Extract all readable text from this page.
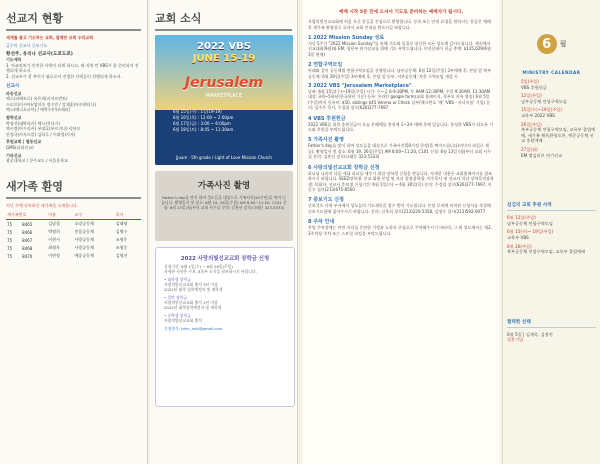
선교지 현황
세계를 품고 기도하는 교회, 열매란 교회 우리교회
금주의 선교사 중보기도
황선주, 유리나 선교사(도쿄도쿄)
기도제목
1. 아쿄치처가 안전한 사역이 되게 하시고, 새 지역 만 VBS가 잘 준비되어 진행되게 하소서.
2. 선교부가 잘 추이가 됨으로서 진정한 사역들이 진행되게 하소서.
선교사
파송선교
엑스(피에트로) 유은희(카자르반트)
스티브(러시아)/임미숙 정수민 / 강재훈(아르헨티나)
엑스(에디오피아) / 예락우(마르레피)
협력선교
박영선(대박리카) 엑시선(터키)
엑시정(아프리카) 부대호(부르키나) 리단모
안정국(카자르칼) 김하루 / 이뢰정(카자)
후원교회 | 협동선교
GMS(파리선교)
기타선교
광운대학교 / 큐주교도 / 서울운학교
새가족 환영
지난 주에 등록하신 새가족을 소개합니다.
새가족번호		이름	교구	목사
75	8465	김남철	소망공동체	김태영
75	8466	박영희	믿음공동체	김병수
75	8467	이현시	사랑공동체	조영웅
75	8468	최영자	사랑공동체	조영웅
75	8470	이연정	예종공동체	김영진
교회 소식
2022 VBS
JUNE 15-19
Jerusalem
MARKETPLACE
6월 15일(수) : 1일(19-19)
6월 16일(목) : 12:00 ~ 2:00pm
6월 17일(금) : 3:00 ~ 6:00pm
6월 18일(토) : 8:45 ~ 11:30am
Jjuam · 5th grade / Light of Love Mission Church
가족사진 촬영
Father's day를 맞이 하여 성도들을 대상으로 가족사진(50주년)을 찍어 나눕니다. 촬영일자 및 장소: 6월 19, 26일(주일) AM 8:00~11:20, C101 신청: 6월 13일(월)부터 교회 사무실 문의: 김흥선 장로(나래문 323-5333)
2022 사랑의빛선교교회 장학금 신청
신청기간: 6월 1일(수) ~ 6월 26일(주일)
자세한 사항은 주보 교육부 소식을 참조하시기 바랍니다.
• 대학생 장학금
사랑의빛선교교회 출석 3년 이상
2022년 대학 입학예정자 및 재학생
• 일반 장학금
사랑의빛선교교회 출석 1년 이상
2022년 대학입학예정자 및 재학생
• 중학생 장학금
사랑의빛선교교회 출석
신청방식: lotm_info@gmail.com
예배 시작 5분 전에 오셔서 기도로 준비하는 예배자가 됩시다.
사랑의빛선교교회에 처음 오신 분들을 진심으로 환영합니다. 등록 또는 안내 요청을 원하시는 분들은 예배 후 새가족 환영실로 오셔서 교회 안내를 받으시길 바랍니다.
1 2022 Mission Sunday 성료
지난 5주간 "2022 Mission Sunday"를 통해 기도와 물질로 헌신한 모든 성도께 감사드립니다. 계속해서 선교대회(9월)와 EM, 청년부 단기선교를 위해 기도 부탁드립니다. 미션선데이 헌금 총액: $125,629(6월 3일 현재)
2 연합구역모임
아래와 같이 공동체별 연합구역모임을 진행합니다. 남부공동체: 6월 12일(주일) 3부예배 후, 본당 앞 북부공동체: 6월 26일(주일) 3부예배 후, 본당 앞 동부, 서부공동체: 차후 구역모임 개강 시
3 2022 VBS "Jerusalem Marketplace"
날짜: 6월 15일(수)~19일(주일) 시간: 수~금 6-9:30PM, 토 9AM-12:30PM, 주일 9:30AM, 11:30AM 대상: 3세~5학년(한국학년 기준) 등록: 온라인 google form(교회 홈페이지, 학부모 카톡 방송) 6월 5일(주일)까지 등록비: $50, siblings $45 Venmo or Check 납부(체크번호 '메' 'VBS - 자녀이름' 기입) 문의: 김주은 목사, 주경철 장로(626)277-7697
4 VBS 후원헌금
2022 VBS를 위한 후원헌금이 오늘 은혜예물 봉헌에 1~3부 예배 후에 있습니다. 풍성한 VBS가 되도록 기도와 후원을 부탁드립니다.
5 가족사진 촬영
Father's day를 맞이 하여 성도들을 대상으로 가족사진(50가정 한정)을 찍어드립니다(이미지 파일로 제공). 촬영일자 및 장소: 6월 19, 26일(주일) AM 8:00~11:20, C101 신청: 6월 13일 (월)부터 교회 사무실 문의: 김흥선 장로(나래문 323-5333)
6 사랑의빛선교교회 장학금 신청
하나님 나라의 다음 세대 리더를 세우기 위한 장학생 신청을 받습니다. 자세한 내용은 교회홈페이지를 참조하시기 바랍니다. SEED장학생: 본교 회원 본당 및 자녀 열정장학생: 이주목사 및 선교사 자녀 장학목적장학생: 목회자, 선교사 후보생 신청기간: 6월 1일(수) ~ 6월 30일(목) 문의: 주경철 장로(626)277-7697, 이동우 집사(213)675-8560
7 중보기도 신청
중보기도 사역 부서에서 성도들의 기도제목을 접수 받아 기도합니다. 본당 로비에 비치된 신청서를 작성해 중보기도함에 넣어주시기 바랍니다. 문의: 신옥희 장로(213)220-5358, 김명주 집사(213)592-0077
8 주차 안내
본당 주차장에는 어린 자녀를 동반한 가정과 노약자 중심으로 주차해주시기 바라며, 그 외 성도께서는 제2, 3주차장 주차 또는 스트릿 파킹을 부탁드립니다.
6	월
MINISTRY CALENDAR
5일(주일)
VBS 후원헌금
12일(주일)
남부공동체 연합구역모임
15일(수)~19일(주일)
교육부 2022 VBS
26일(주일)
북부공동체 연합구역모임, 교육부 졸업예배, 새가족 체육환영오찬, 예준공동체 선교 후원예배
27일(월)
EM 컴넘러브 단기선교
섬김의 교회 후원 사역
6월 12일(주일)
남부공동체 연합구역모임
6월 15(수)~ 19일(주일)
교육부 VBS
6월 26(주일)
북부공동체 연합구역모임, 교육부 졸업예배
협력한 선택
6월 5일 | 김재욱, 김정연
결혼기념
